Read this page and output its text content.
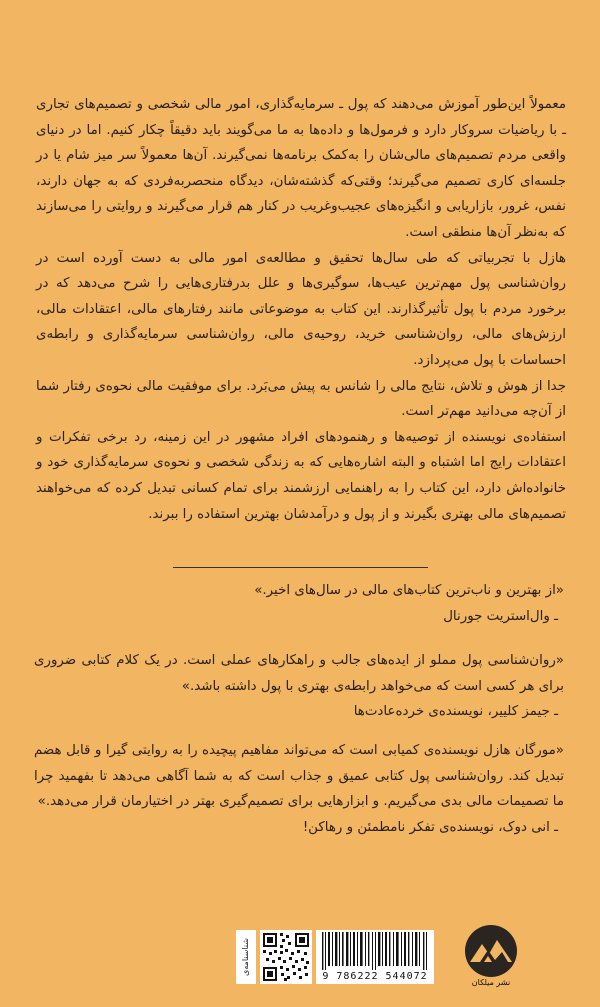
معمولاً این‌طور آموزش می‌دهند که پول ـ سرمایه‌گذاری، امور مالی شخصی و تصمیم‌های تجاری ـ با ریاضیات سروکار دارد و فرمول‌ها و داده‌ها به ما می‌گویند باید دقیقاً چکار کنیم. اما در دنیای واقعی مردم تصمیم‌های مالی‌شان را به‌کمک برنامه‌ها نمی‌گیرند. آن‌ها معمولاً سر میز شام یا در جلسه‌ای کاری تصمیم می‌گیرند؛ وقتی‌که گذشته‌شان، دیدگاه منحصربه‌فردی که به جهان دارند، نفس، غرور، بازاریابی و انگیزه‌های عجیب‌وغریب در کنار هم قرار می‌گیرند و روایتی را می‌سازند که به‌نظر آن‌ها منطقی است.

هازل با تجربیاتی که طی سال‌ها تحقیق و مطالعه‌ی امور مالی به دست آورده است در روان‌شناسی پول مهم‌ترین عیب‌ها، سوگیری‌ها و علل بدرفتاری‌هایی را شرح می‌دهد که در برخورد مردم با پول تأثیرگذارند. این کتاب به موضوعاتی مانند رفتارهای مالی، اعتقادات مالی، ارزش‌های مالی، روان‌شناسی خرید، روحیه‌ی مالی، روان‌شناسی سرمایه‌گذاری و رابطه‌ی احساسات با پول می‌پردازد.

جدا از هوش و تلاش، نتایج مالی را شانس به پیش می‌بَرد. برای موفقیت مالی نحوه‌ی رفتار شما از آن‌چه می‌دانید مهم‌تر است.

استفاده‌ی نویسنده از توصیه‌ها و رهنمودهای افراد مشهور در این زمینه، رد برخی تفکرات و اعتقادات رایج اما اشتباه و البته اشاره‌هایی که به زندگی شخصی و نحوه‌ی سرمایه‌گذاری خود و خانواده‌اش دارد، این کتاب را به راهنمایی ارزشمند برای تمام کسانی تبدیل کرده که می‌خواهند تصمیم‌های مالی بهتری بگیرند و از پول و درآمدشان بهترین استفاده را ببرند.

«از بهترین و ناب‌ترین کتاب‌های مالی در سال‌های اخیر.»

ـ وال‌استریت جورنال

«روان‌شناسی پول مملو از ایده‌های جالب و راهکارهای عملی است. در یک کلام کتابی ضروری برای هر کسی است که می‌خواهد رابطه‌ی بهتری با پول داشته باشد.»

ـ جیمز کلییر، نویسنده‌ی خرده‌عادت‌ها

«مورگان هازل نویسنده‌ی کمیابی است که می‌تواند مفاهیم پیچیده را به روایتی گیرا و قابل هضم تبدیل کند. روان‌شناسی پول کتابی عمیق و جذاب است که به شما آگاهی می‌دهد تا بفهمید چرا ما تصمیمات مالی بدی می‌گیریم. و ابزارهایی برای تصمیم‌گیری بهتر در اختیارمان قرار می‌دهد.»

ـ انی دوک، نویسنده‌ی تفکر نامطمئن و رهاکن!

شناسنامه‌ی
9 786222 544072
نشر میلکان
